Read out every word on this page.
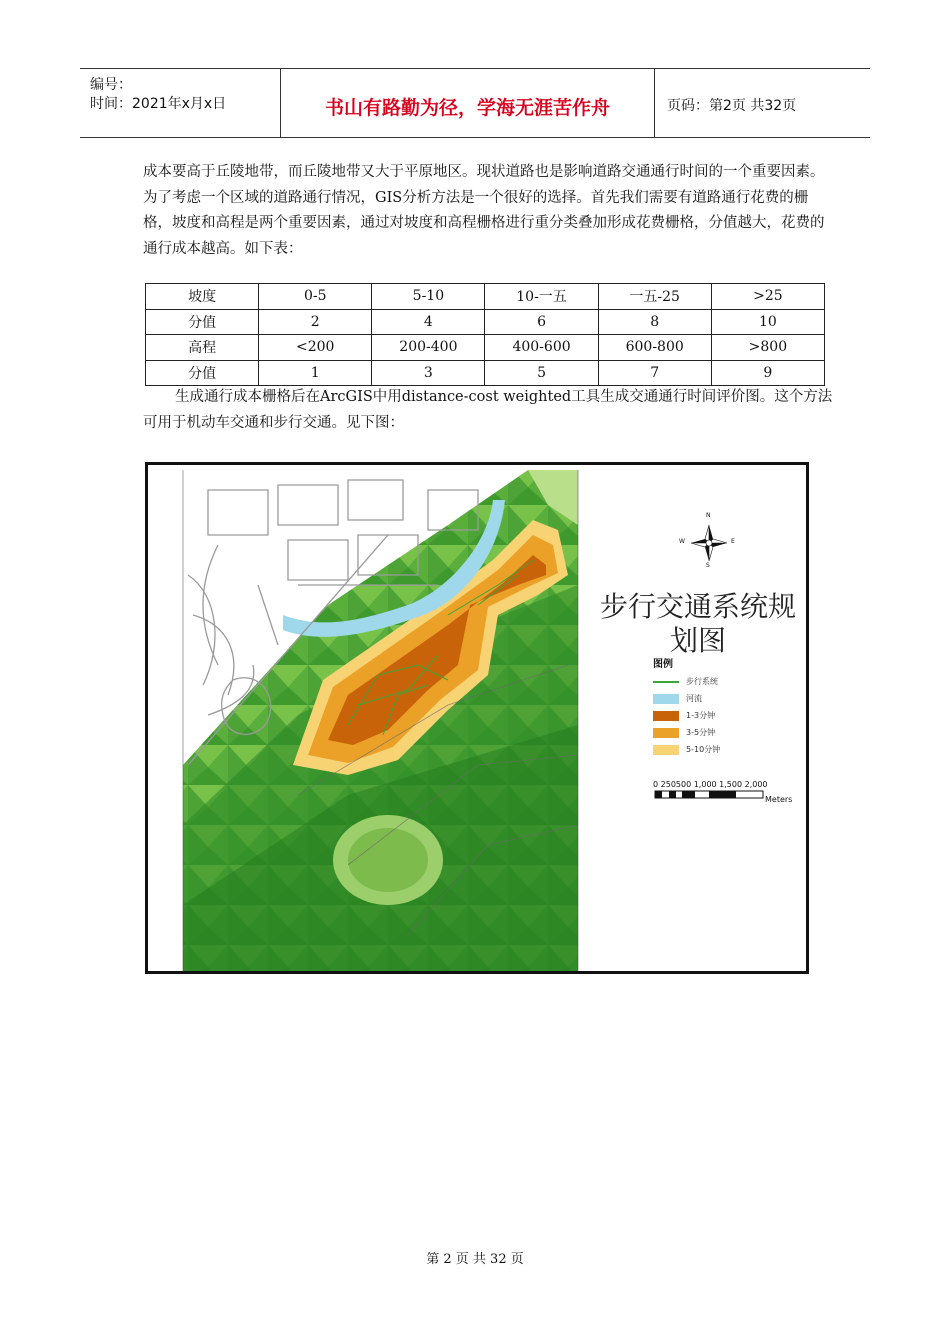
编号：
时间：2021年x月x日	书山有路勤为径，学海无涯苦作舟	页码：第2页 共32页

成本要高于丘陵地带，而丘陵地带又大于平原地区。现状道路也是影响道路交通通行时间的一个重要因素。为了考虑一个区域的道路通行情况，GIS分析方法是一个很好的选择。首先我们需要有道路通行花费的栅格，坡度和高程是两个重要因素，通过对坡度和高程栅格进行重分类叠加形成花费栅格，分值越大，花费的通行成本越高。如下表：

坡度	0-5	5-10	10-一五	一五-25	>25
分值	2	4	6	8	10
高程	<200	200-400	400-600	600-800	>800
分值	1	3	5	7	9

生成通行成本栅格后在ArcGIS中用distance-cost weighted工具生成交通通行时间评价图。这个方法可用于机动车交通和步行交通。见下图：

N
S
E
W
步行交通系统规划图
图例
步行系统
河流
1-3分钟
3-5分钟
5-10分钟
0 250500 1,000 1,500 2,000
Meters
第 2 页 共 32 页
